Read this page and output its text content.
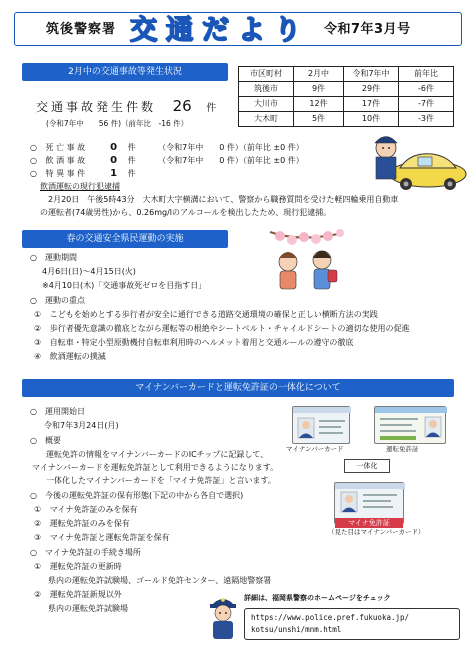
筑後警察署 交通だより 令和7年3月号
2月中の交通事故等発生状況	市区町村	2月中	令和7年中	前年比
筑後市	9件	29件	-6件
大川市	12件	17件	-7件
大木町	5件	10件	-3件
交通事故発生件数 26 件
(令和7年中　　56 件)（前年比　-16 件）
○ 死 亡 事 故 0 件	（令和7年中　　0 件）（前年比 ±0 件）
○ 飲 酒 事 故 0 件	（令和7年中　　0 件）（前年比 ±0 件）
○ 特 異 事 件 1 件
飲酒運転の現行犯逮捕
2月20日　午後5時43分　大木町大字横溝において、警察から職務質問を受けた軽四輪乗用自動車
の運転者(74歳男性)から、0.26mg/lのアルコールを検出したため、現行犯逮捕。
春の交通安全県民運動の実施
○　運動期間
4月6日(日)～4月15日(火)
※4月10日(木)「交通事故死ゼロを目指す日」
○　運動の重点
① こどもを始めとする歩行者が安全に通行できる道路交通環境の確保と正しい横断方法の実践
② 歩行者優先意識の徹底とながら運転等の根絶やシートベルト・チャイルドシートの適切な使用の促進
③ 自転車・特定小型原動機付自転車利用時のヘルメット着用と交通ルールの遵守の徹底
④ 飲酒運転の撲滅
マイナンバーカードと運転免許証の一体化について
○　運用開始日
令和7年3月24日(月)
○　概要
運転免許の情報をマイナンバーカードのICチップに記録して、
マイナンバーカードを運転免許証として利用できるようになります。
一体化したマイナンバーカードを「マイナ免許証」と言います。
○　今後の運転免許証の保有形態(下記の中から各自で選択)
① マイナ免許証のみを保有
② 運転免許証のみを保有
③ マイナ免許証と運転免許証を保有
○　マイナ免許証の手続き場所
① 運転免許証の更新時
県内の運転免許試験場、ゴールド免許センター、遠隔地警察署
② 運転免許証新規以外
県内の運転免許試験場
マイナンバーカード	運転免許証
一体化
マイナ免許証
（見た目はマイナンバーカード）
詳細は、福岡県警察のホームページをチェック
https://www.police.pref.fukuoka.jp/
kotsu/unshi/mnm.html
